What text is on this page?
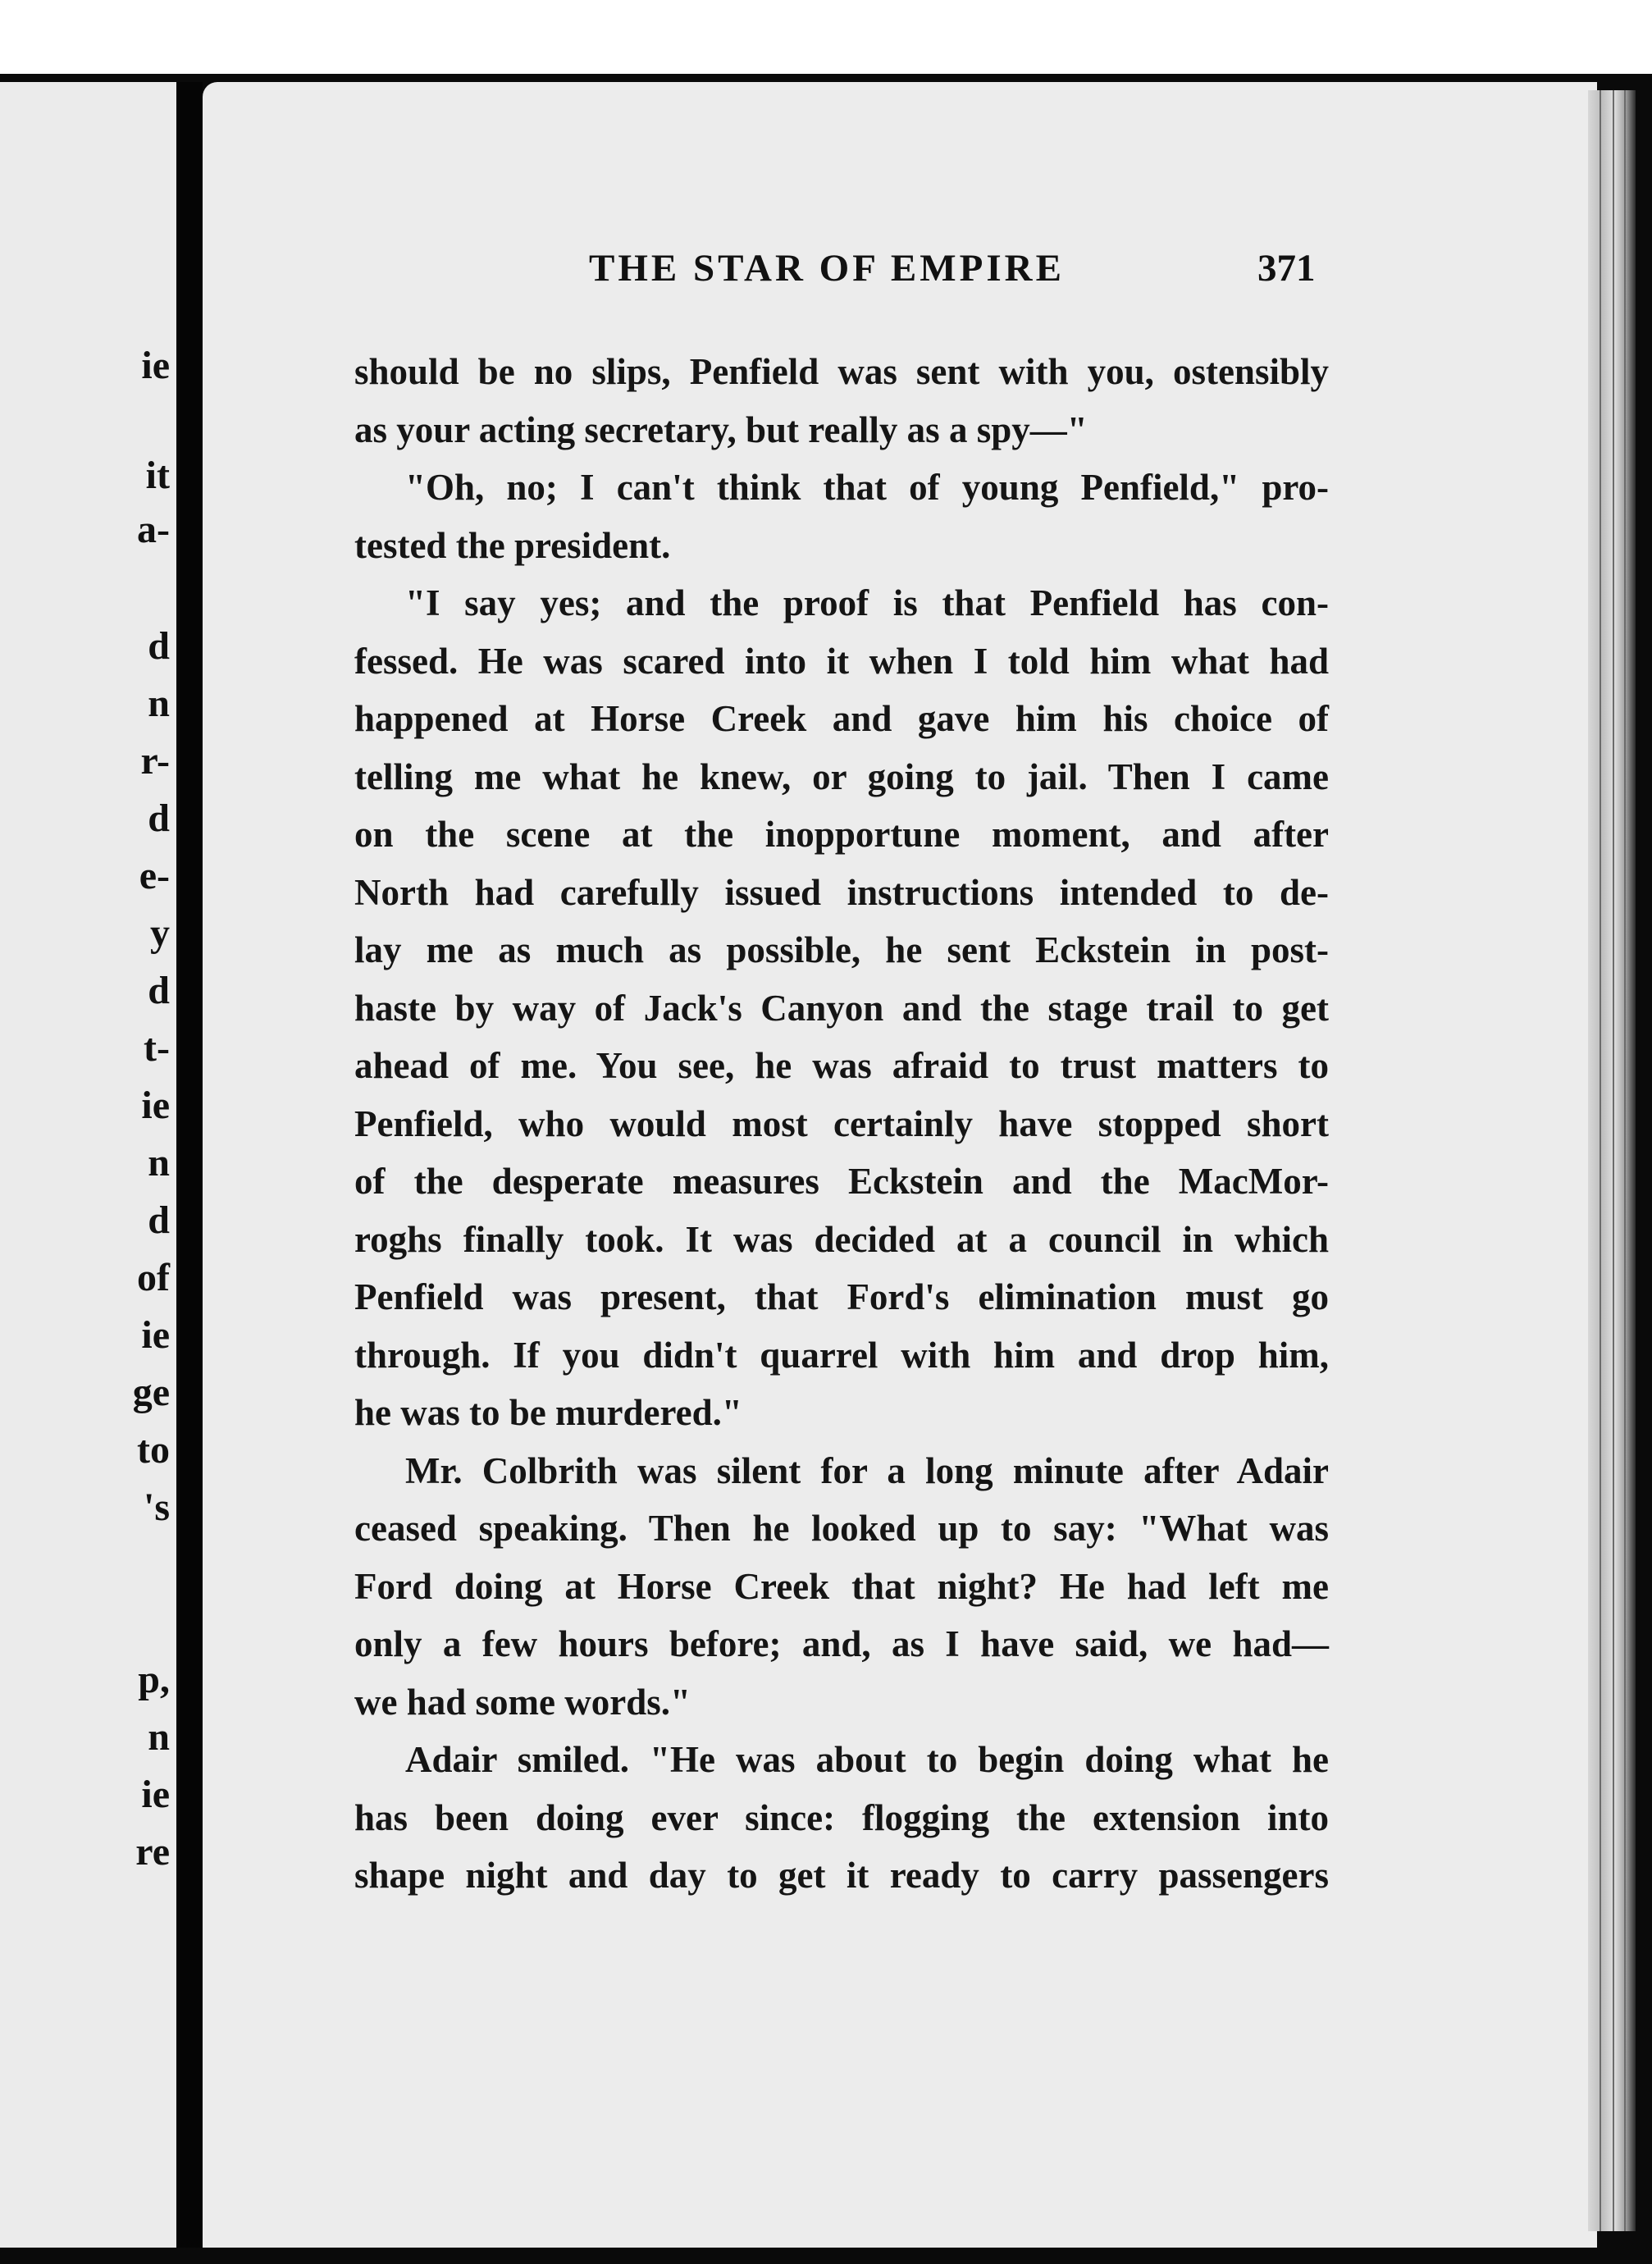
ie
it
a-
d
n
r-
d
e-
y
d
t-
ie
n
d
of
ie
ge
to
's
p,
n
ie
re
THE STAR OF EMPIRE	371
should be no slips, Penfield was sent with you, ostensibly
as your acting secretary, but really as a spy—"
"Oh, no; I can't think that of young Penfield," pro-
tested the president.
"I say yes; and the proof is that Penfield has con-
fessed. He was scared into it when I told him what had
happened at Horse Creek and gave him his choice of
telling me what he knew, or going to jail. Then I came
on the scene at the inopportune moment, and after
North had carefully issued instructions intended to de-
lay me as much as possible, he sent Eckstein in post-
haste by way of Jack's Canyon and the stage trail to get
ahead of me. You see, he was afraid to trust matters to
Penfield, who would most certainly have stopped short
of the desperate measures Eckstein and the MacMor-
roghs finally took. It was decided at a council in which
Penfield was present, that Ford's elimination must go
through. If you didn't quarrel with him and drop him,
he was to be murdered."
Mr. Colbrith was silent for a long minute after Adair
ceased speaking. Then he looked up to say: "What was
Ford doing at Horse Creek that night? He had left me
only a few hours before; and, as I have said, we had—
we had some words."
Adair smiled. "He was about to begin doing what he
has been doing ever since: flogging the extension into
shape night and day to get it ready to carry passengers
